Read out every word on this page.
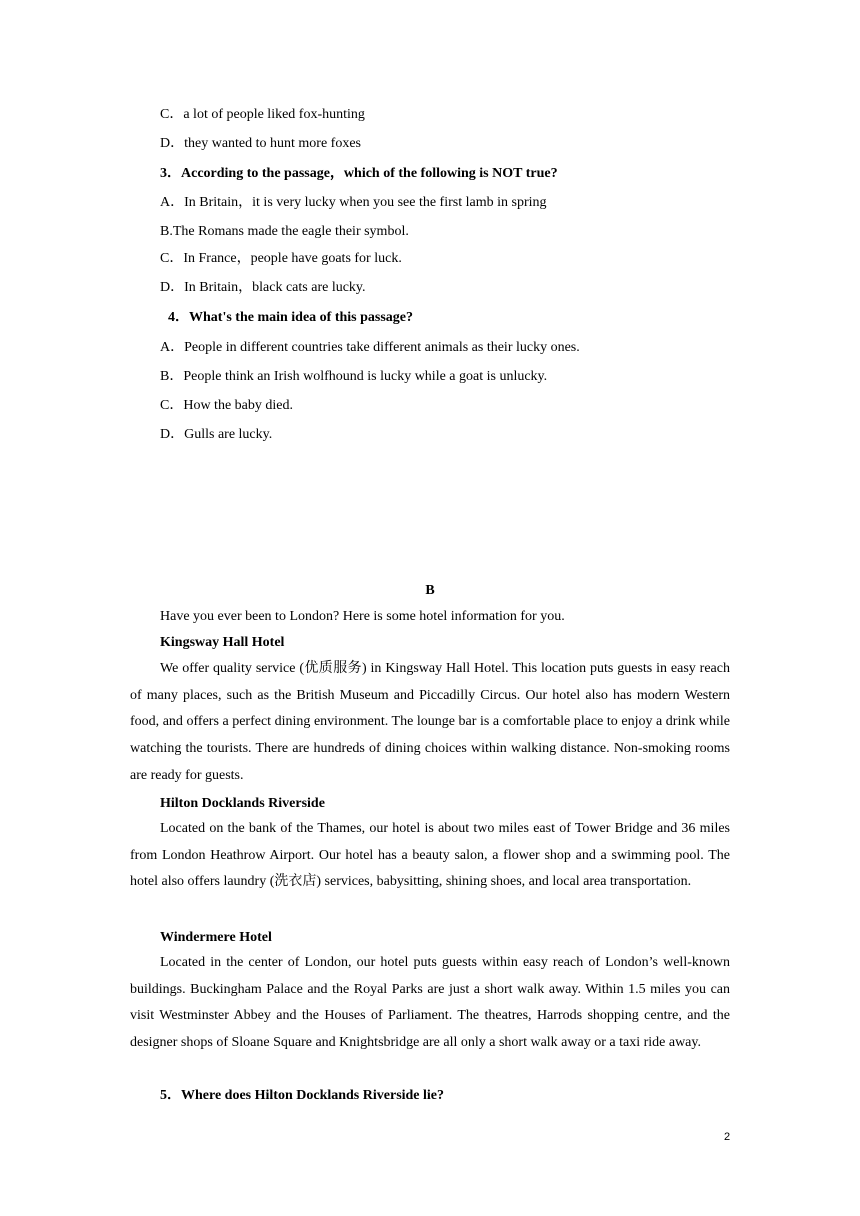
C．a lot of people liked fox-hunting
D．they wanted to hunt more foxes
3．According to the passage，which of the following is NOT true?
A．In Britain，it is very lucky when you see the first lamb in spring
B.The Romans made the eagle their symbol.
C．In France，people have goats for luck.
D．In Britain，black cats are lucky.
4．What's the main idea of this passage?
A．People in different countries take different animals as their lucky ones.
B．People think an Irish wolfhound is lucky while a goat is unlucky.
C．How the baby died.
D．Gulls are lucky.
B
Have you ever been to London? Here is some hotel information for you.
Kingsway Hall Hotel
We offer quality service (优质服务) in Kingsway Hall Hotel. This location puts guests in easy reach of many places, such as the British Museum and Piccadilly Circus. Our hotel also has modern Western food, and offers a perfect dining environment. The lounge bar is a comfortable place to enjoy a drink while watching the tourists. There are hundreds of dining choices within walking distance. Non-smoking rooms are ready for guests.
Hilton Docklands Riverside
Located on the bank of the Thames, our hotel is about two miles east of Tower Bridge and 36 miles from London Heathrow Airport. Our hotel has a beauty salon, a flower shop and a swimming pool. The hotel also offers laundry (洗衣店) services, babysitting, shining shoes, and local area transportation.
Windermere Hotel
Located in the center of London, our hotel puts guests within easy reach of London’s well-known buildings. Buckingham Palace and the Royal Parks are just a short walk away. Within 1.5 miles you can visit Westminster Abbey and the Houses of Parliament. The theatres, Harrods shopping centre, and the designer shops of Sloane Square and Knightsbridge are all only a short walk away or a taxi ride away.
5．Where does Hilton Docklands Riverside lie?
2
